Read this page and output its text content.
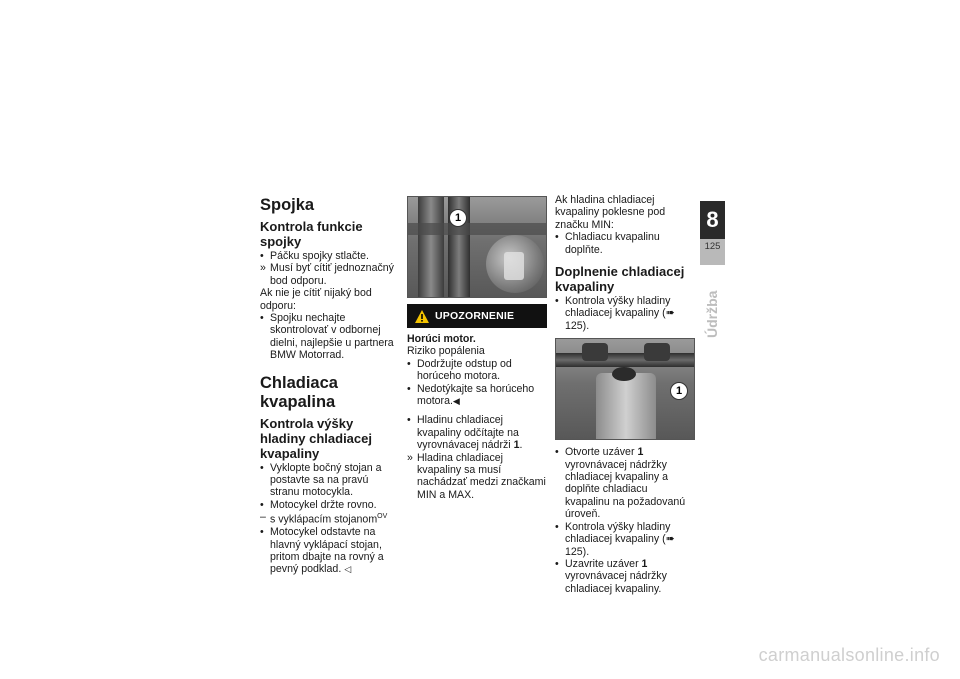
Spojka
Kontrola funkcie spojky

• Páčku spojky stlačte.

» Musí byť cítiť jednoznačný bod odporu.

Ak nie je cítiť nijaký bod odporu:

• Spojku nechajte skontrolovať v odbornej dielni, najlepšie u partnera BMW Motorrad.

Chladiaca kvapalina
Kontrola výšky hladiny chladiacej kvapaliny

• Vyklopte bočný stojan a postavte sa na pravú stranu motocykla.

• Motocykel držte rovno.

– s vyklápacím stojanom$^{OV}$

• Motocykel odstavte na hlavný vyklápací stojan, pritom dbajte na rovný a pevný podklad. ◁

1
UPOZORNENIE

Horúci motor.

Riziko popálenia

• Dodržujte odstup od horúceho motora.

• Nedotýkajte sa horúceho motora.◀

• Hladinu chladiacej kvapaliny odčítajte na vyrovnávacej nádrži 1.

» Hladina chladiacej kvapaliny sa musí nachádzať medzi značkami MIN a MAX.

Ak hladina chladiacej kvapaliny poklesne pod značku MIN:

• Chladiacu kvapalinu doplňte.

Doplnenie chladiacej kvapaliny

• Kontrola výšky hladiny chladiacej kvapaliny (➠ 125).

1

• Otvorte uzáver 1 vyrovnávacej nádržky chladiacej kvapaliny a doplňte chladiacu kvapalinu na požadovanú úroveň.

• Kontrola výšky hladiny chladiacej kvapaliny (➠ 125).

• Uzavrite uzáver 1 vyrovnávacej nádržky chladiacej kvapaliny.

8
125
Údržba
carmanualsonline.info
